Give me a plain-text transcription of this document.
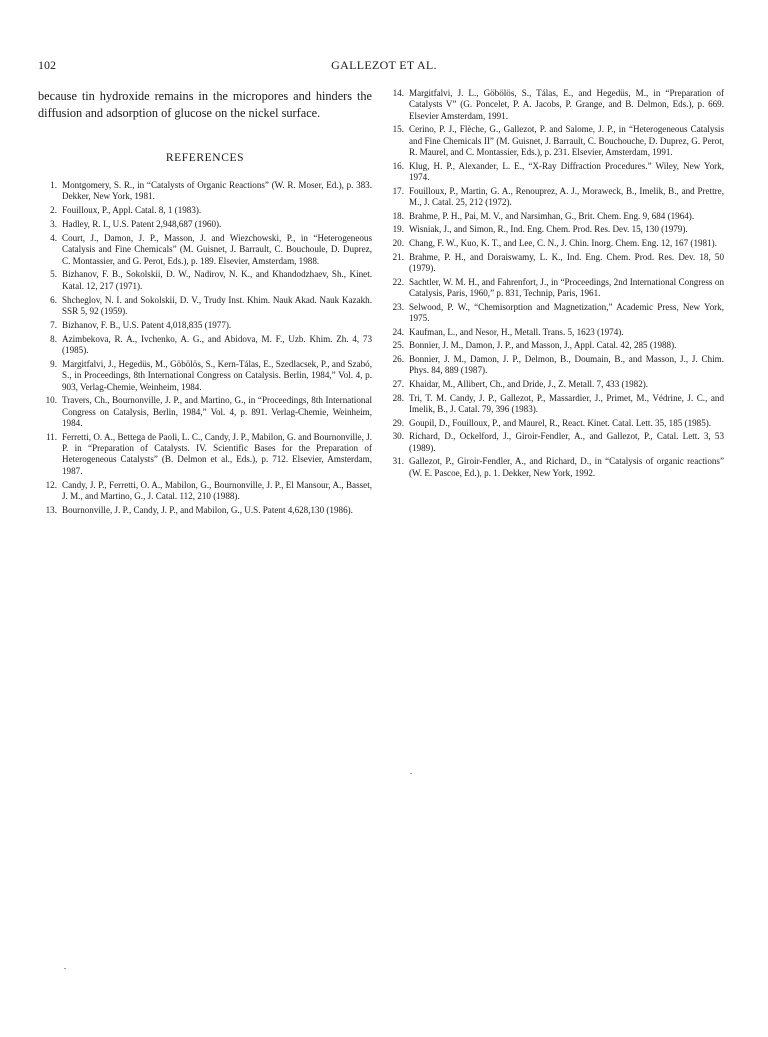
102	GALLEZOT ET AL.

because tin hydroxide remains in the micropores and hinders the diffusion and adsorption of glucose on the nickel surface.

REFERENCES
1. Montgomery, S. R., in “Catalysts of Organic Reactions” (W. R. Moser, Ed.), p. 383. Dekker, New York, 1981.
2. Fouilloux, P., Appl. Catal. 8, 1 (1983).
3. Hadley, R. I., U.S. Patent 2,948,687 (1960).
4. Court, J., Damon, J. P., Masson, J. and Wiezchowski, P., in “Heterogeneous Catalysis and Fine Chemicals” (M. Guisnet, J. Barrault, C. Bouchoule, D. Duprez, C. Montassier, and G. Perot, Eds.), p. 189. Elsevier, Amsterdam, 1988.
5. Bizhanov, F. B., Sokolskii, D. W., Nadirov, N. K., and Khandodzhaev, Sh., Kinet. Katal. 12, 217 (1971).
6. Shcheglov, N. I. and Sokolskii, D. V., Trudy Inst. Khim. Nauk Akad. Nauk Kazakh. SSR 5, 92 (1959).
7. Bizhanov, F. B., U.S. Patent 4,018,835 (1977).
8. Azimbekova, R. A., Ivchenko, A. G., and Abidova, M. F., Uzb. Khim. Zh. 4, 73 (1985).
9. Margitfalvi, J., Hegedüs, M., Göbölös, S., Kern-Tálas, E., Szedlacsek, P., and Szabó, S., in Proceedings, 8th International Congress on Catalysis. Berlin, 1984,” Vol. 4, p. 903, Verlag-Chemie, Weinheim, 1984.
10. Travers, Ch., Bournonville, J. P., and Martino, G., in “Proceedings, 8th International Congress on Catalysis, Berlin, 1984,” Vol. 4, p. 891. Verlag-Chemie, Weinheim, 1984.
11. Ferretti, O. A., Bettega de Paoli, L. C., Candy, J. P., Mabilon, G. and Bournonville, J. P. in “Preparation of Catalysts. IV. Scientific Bases for the Preparation of Heterogeneous Catalysts” (B. Delmon et al., Eds.), p. 712. Elsevier, Amsterdam, 1987.
12. Candy, J. P., Ferretti, O. A., Mabilon, G., Bournonville, J. P., El Mansour, A., Basset, J. M., and Martino, G., J. Catal. 112, 210 (1988).
13. Bournonville, J. P., Candy, J. P., and Mabilon, G., U.S. Patent 4,628,130 (1986).
14. Margitfalvi, J. L., Göbölös, S., Tálas, E., and Hegedüs, M., in “Preparation of Catalysts V” (G. Poncelet, P. A. Jacobs, P. Grange, and B. Delmon, Eds.), p. 669. Elsevier Amsterdam, 1991.
15. Cerino, P. J., Flèche, G., Gallezot, P. and Salome, J. P., in “Heterogeneous Catalysis and Fine Chemicals II” (M. Guisnet, J. Barrault, C. Bouchouche, D. Duprez, G. Perot, R. Maurel, and C. Montassier, Eds.), p. 231. Elsevier, Amsterdam, 1991.
16. Klug, H. P., Alexander, L. E., “X-Ray Diffraction Procedures.” Wiley, New York, 1974.
17. Fouilloux, P., Martin, G. A., Renouprez, A. J., Moraweck, B., Imelik, B., and Prettre, M., J. Catal. 25, 212 (1972).
18. Brahme, P. H., Pai, M. V., and Narsimhan, G., Brit. Chem. Eng. 9, 684 (1964).
19. Wisniak, J., and Simon, R., Ind. Eng. Chem. Prod. Res. Dev. 15, 130 (1979).
20. Chang, F. W., Kuo, K. T., and Lee, C. N., J. Chin. Inorg. Chem. Eng. 12, 167 (1981).
21. Brahme, P. H., and Doraiswamy, L. K., Ind. Eng. Chem. Prod. Res. Dev. 18, 50 (1979).
22. Sachtler, W. M. H., and Fahrenfort, J., in “Proceedings, 2nd International Congress on Catalysis, Paris, 1960,” p. 831, Technip, Paris, 1961.
23. Selwood, P. W., “Chemisorption and Magnetization,” Academic Press, New York, 1975.
24. Kaufman, L., and Nesor, H., Metall. Trans. 5, 1623 (1974).
25. Bonnier, J. M., Damon, J. P., and Masson, J., Appl. Catal. 42, 285 (1988).
26. Bonnier, J. M., Damon, J. P., Delmon, B., Doumain, B., and Masson, J., J. Chim. Phys. 84, 889 (1987).
27. Khaidar, M., Allibert, Ch., and Dride, J., Z. Metall. 7, 433 (1982).
28. Tri, T. M. Candy, J. P., Gallezot, P., Massardier, J., Primet, M., Védrine, J. C., and Imelik, B., J. Catal. 79, 396 (1983).
29. Goupil, D., Fouilloux, P., and Maurel, R., React. Kinet. Catal. Lett. 35, 185 (1985).
30. Richard, D., Ockelford, J., Giroir-Fendler, A., and Gallezot, P., Catal. Lett. 3, 53 (1989).
31. Gallezot, P., Giroir-Fendler, A., and Richard, D., in “Catalysis of organic reactions” (W. E. Pascoe, Ed.), p. 1. Dekker, New York, 1992.
